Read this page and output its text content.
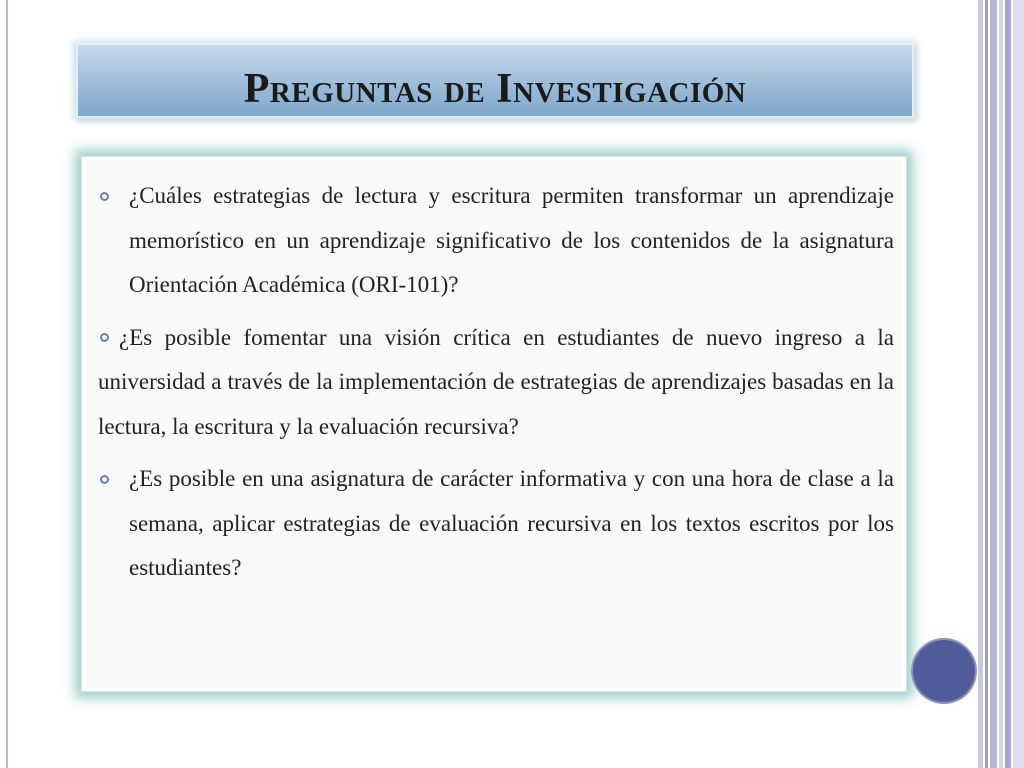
Preguntas de Investigación
¿Cuáles estrategias de lectura y escritura permiten transformar un aprendizaje memorístico en un aprendizaje significativo de los contenidos de la asignatura Orientación Académica (ORI-101)?
¿Es posible fomentar una visión crítica en estudiantes de nuevo ingreso a la universidad a través de la implementación de estrategias de aprendizajes basadas en la lectura, la escritura y la evaluación recursiva?
¿Es posible en una asignatura de carácter informativa y con una hora de clase a la semana, aplicar estrategias de evaluación recursiva en los textos escritos por los estudiantes?
